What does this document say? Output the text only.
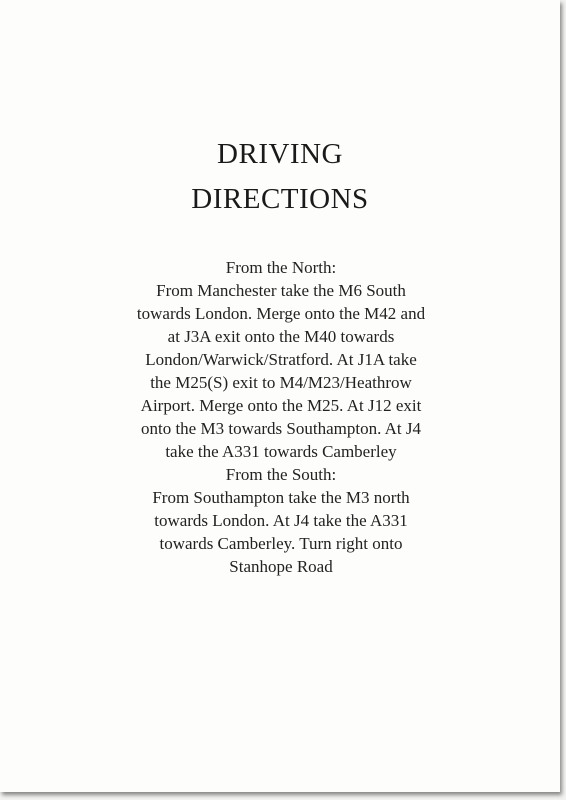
DRIVING
DIRECTIONS
From the North:
From Manchester take the M6 South
towards London. Merge onto the M42 and
at J3A exit onto the M40 towards
London/Warwick/Stratford. At J1A take
the M25(S) exit to M4/M23/Heathrow
Airport. Merge onto the M25. At J12 exit
onto the M3 towards Southampton. At J4
take the A331 towards Camberley
From the South:
From Southampton take the M3 north
towards London. At J4 take the A331
towards Camberley. Turn right onto
Stanhope Road
